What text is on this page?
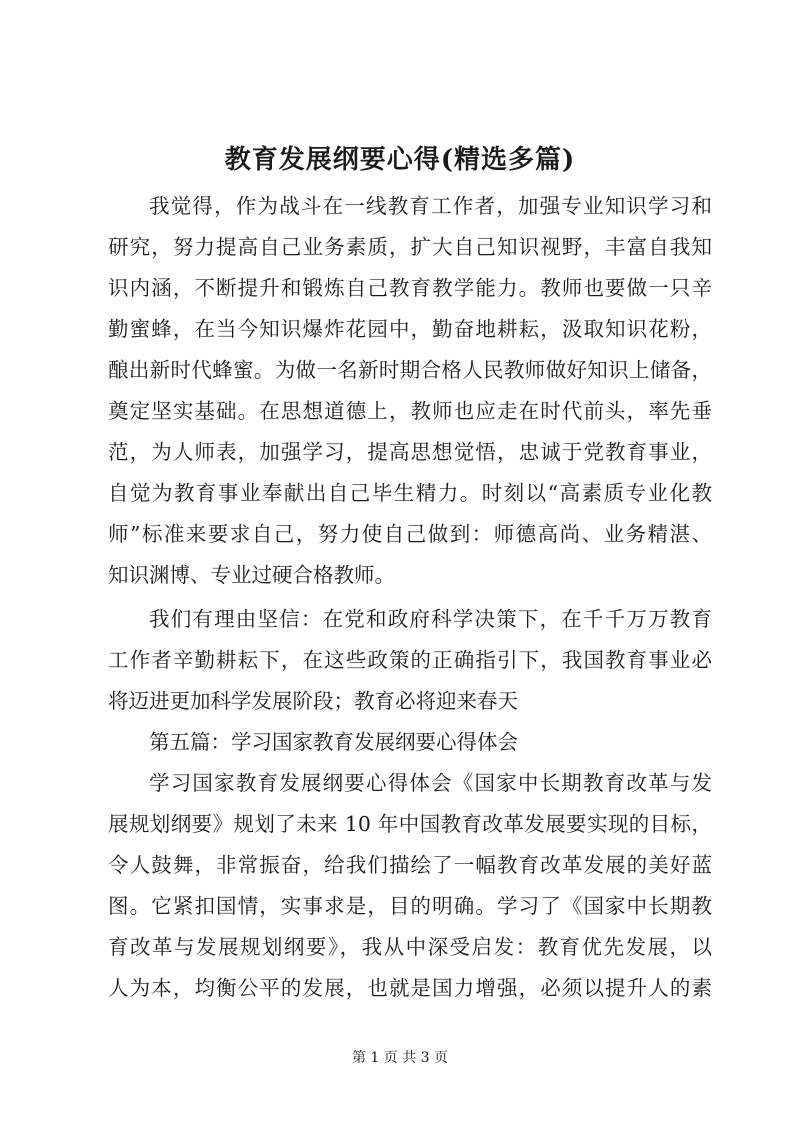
教育发展纲要心得(精选多篇)
我觉得，作为战斗在一线教育工作者，加强专业知识学习和
研究，努力提高自己业务素质，扩大自己知识视野，丰富自我知
识内涵，不断提升和锻炼自己教育教学能力。教师也要做一只辛
勤蜜蜂，在当今知识爆炸花园中，勤奋地耕耘，汲取知识花粉，
酿出新时代蜂蜜。为做一名新时期合格人民教师做好知识上储备，
奠定坚实基础。在思想道德上，教师也应走在时代前头，率先垂
范，为人师表，加强学习，提高思想觉悟，忠诚于党教育事业，
自觉为教育事业奉献出自己毕生精力。时刻以“高素质专业化教
师”标准来要求自己，努力使自己做到：师德高尚、业务精湛、
知识渊博、专业过硬合格教师。
我们有理由坚信：在党和政府科学决策下，在千千万万教育
工作者辛勤耕耘下，在这些政策的正确指引下，我国教育事业必
将迈进更加科学发展阶段；教育必将迎来春天
第五篇：学习国家教育发展纲要心得体会
学习国家教育发展纲要心得体会《国家中长期教育改革与发
展规划纲要》规划了未来 10 年中国教育改革发展要实现的目标，
令人鼓舞，非常振奋，给我们描绘了一幅教育改革发展的美好蓝
图。它紧扣国情，实事求是，目的明确。学习了《国家中长期教
育改革与发展规划纲要》，我从中深受启发：教育优先发展，以
人为本，均衡公平的发展，也就是国力增强，必须以提升人的素
第 1 页 共 3 页
